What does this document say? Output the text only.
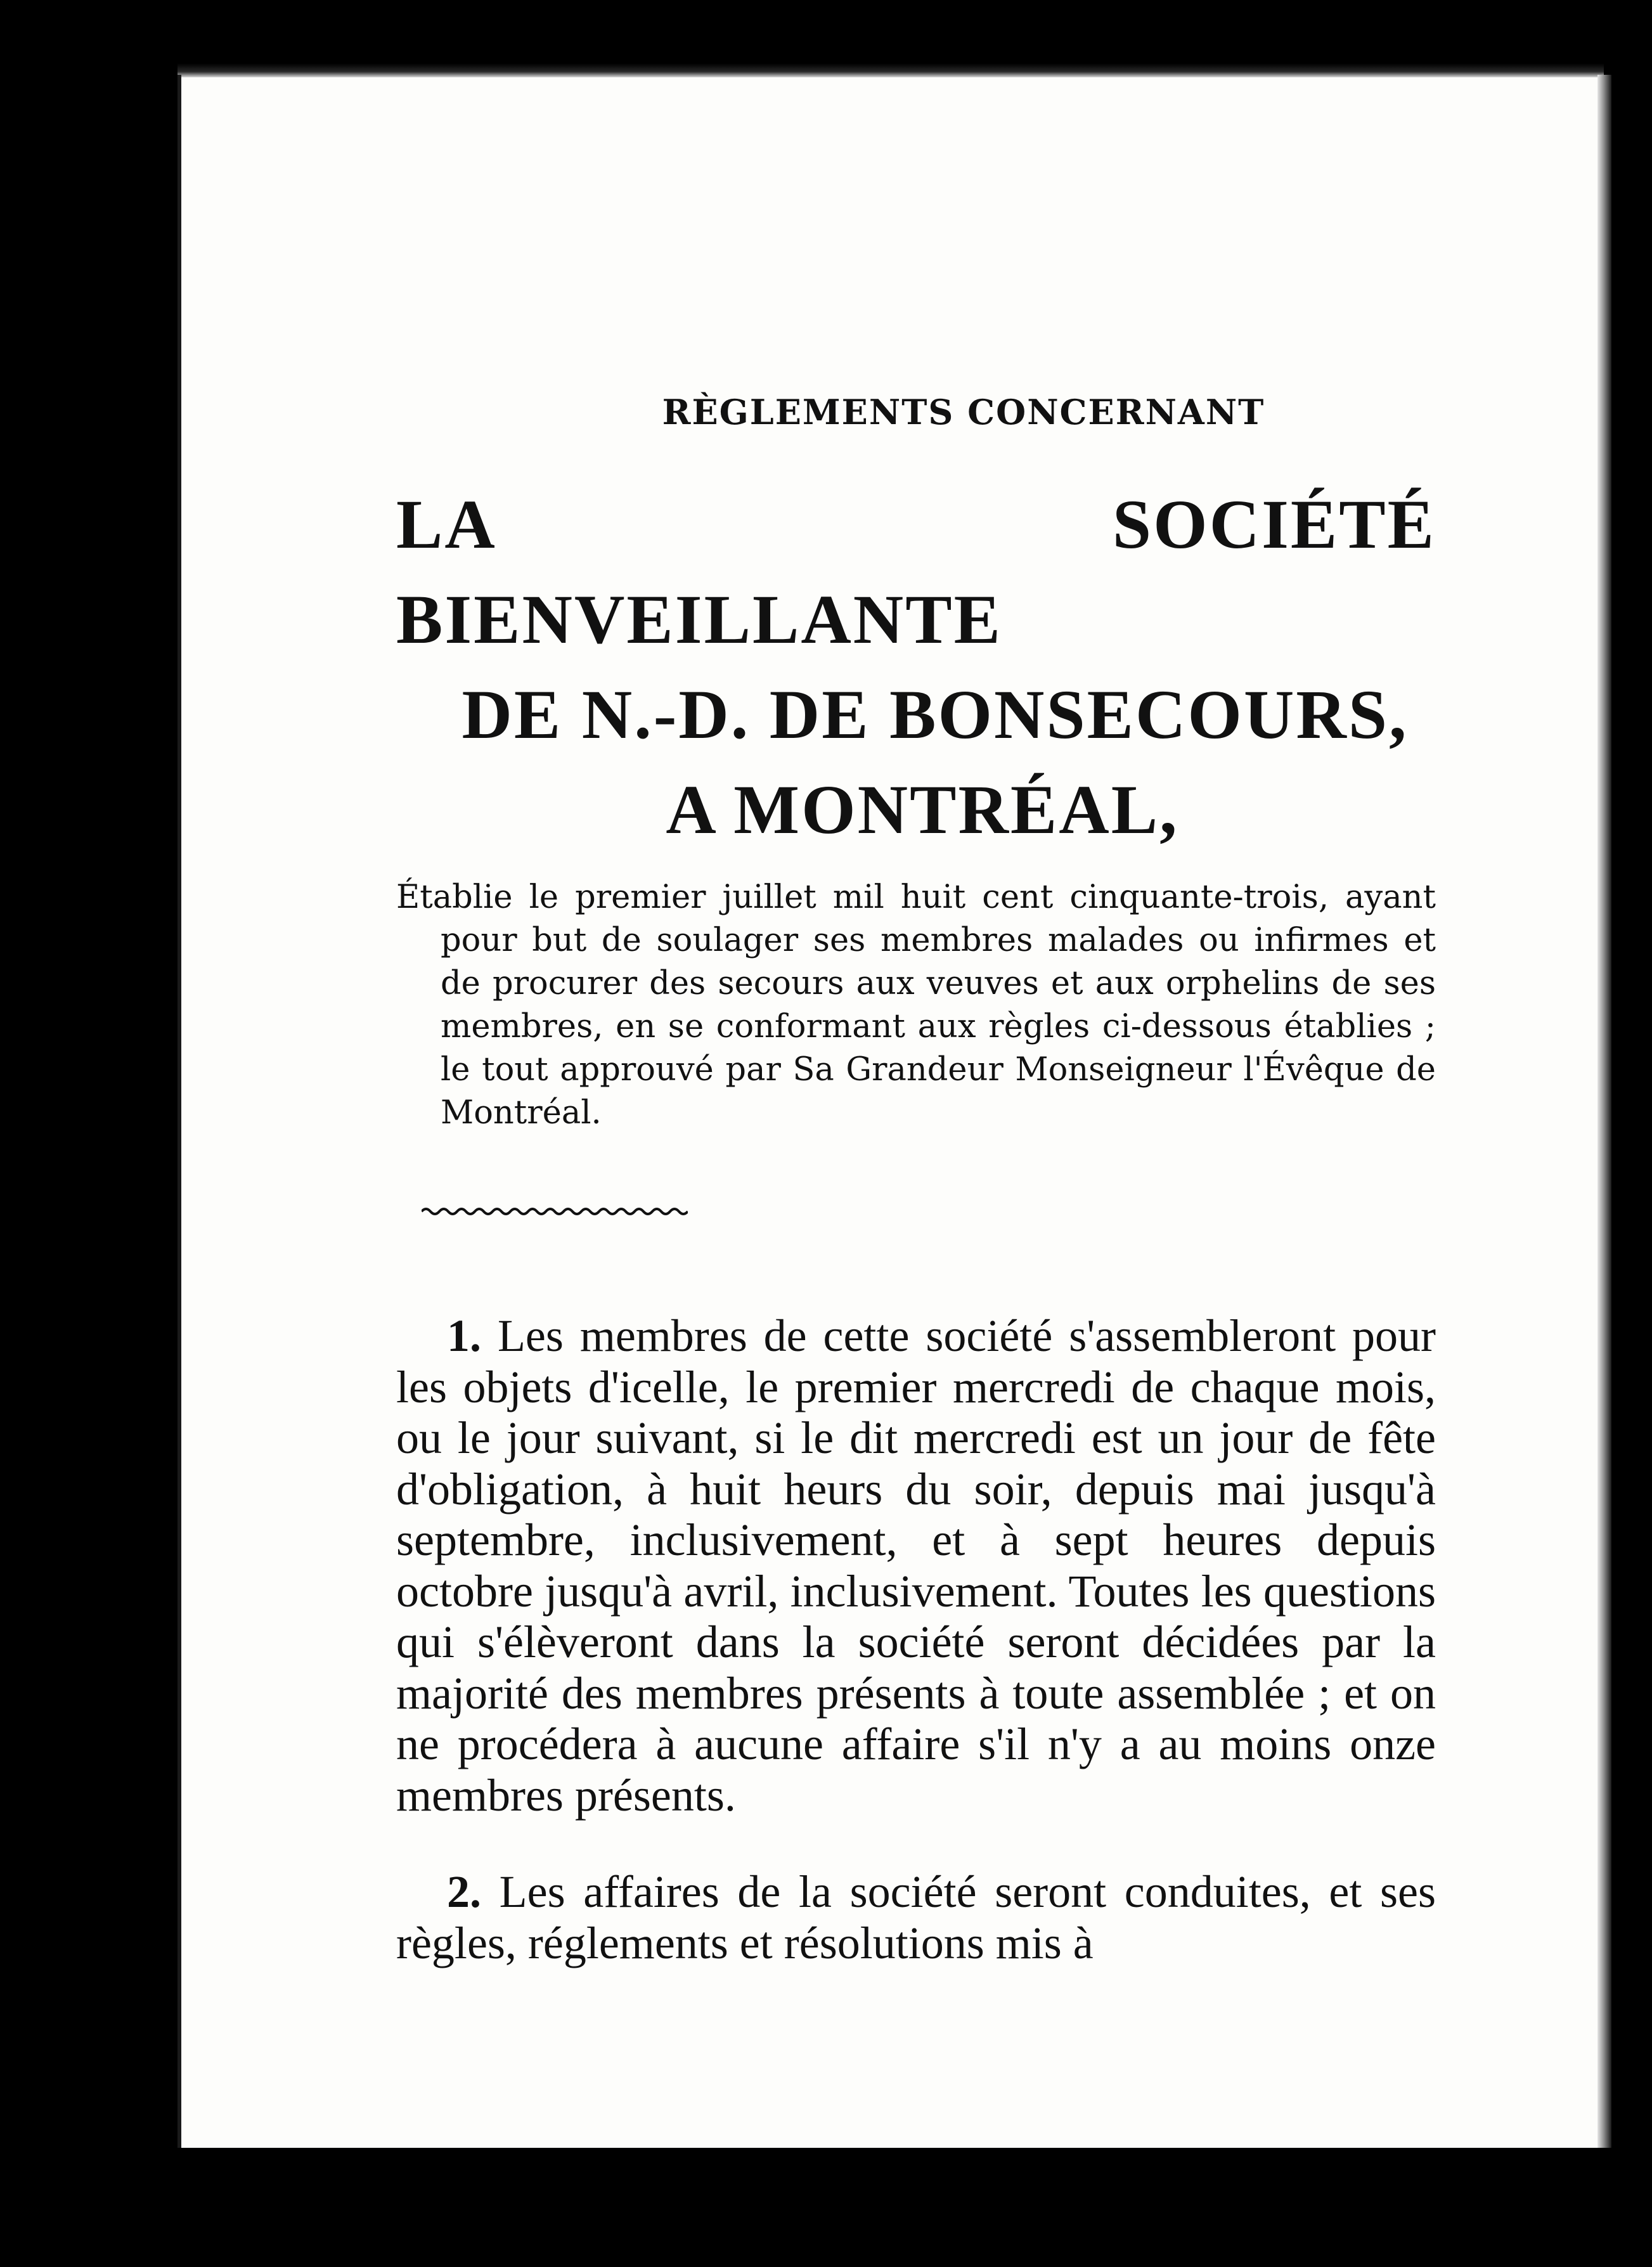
RÈGLEMENTS CONCERNANT
LA SOCIÉTÉ BIENVEILLANTE
DE N.-D. DE BONSECOURS,
A MONTRÉAL,

Établie le premier juillet mil huit cent cinquante-trois, ayant pour but de soulager ses membres malades ou infirmes et de procurer des secours aux veuves et aux orphelins de ses membres, en se conformant aux règles ci-dessous établies ; le tout approuvé par Sa Grandeur Monseigneur l'Évêque de Montréal.

1. Les membres de cette société s'assembleront pour les objets d'icelle, le premier mercredi de chaque mois, ou le jour suivant, si le dit mercredi est un jour de fête d'obligation, à huit heurs du soir, depuis mai jusqu'à septembre, inclusivement, et à sept heures depuis octobre jusqu'à avril, inclusivement. Toutes les questions qui s'élèveront dans la société seront décidées par la majorité des membres présents à toute assemblée ; et on ne procédera à aucune affaire s'il n'y a au moins onze membres présents.

2. Les affaires de la société seront conduites, et ses règles, réglements et résolutions mis à
